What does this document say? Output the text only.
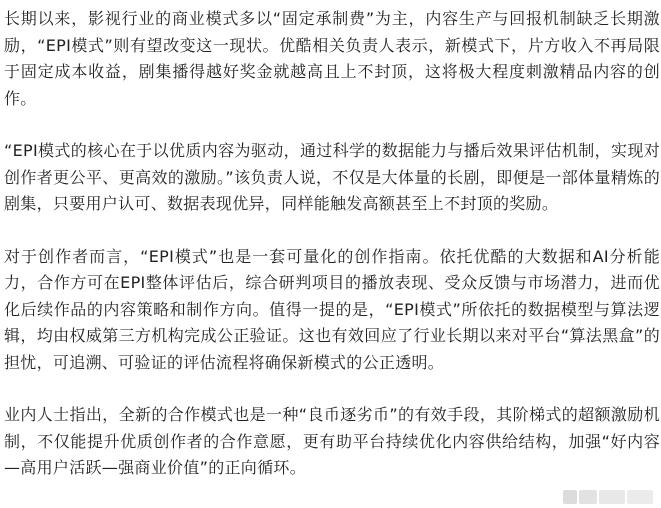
长期以来，影视行业的商业模式多以“固定承制费”为主，内容生产与回报机制缺乏长期激励，“EPI模式”则有望改变这一现状。优酷相关负责人表示，新模式下，片方收入不再局限于固定成本收益，剧集播得越好奖金就越高且上不封顶，这将极大程度刺激精品内容的创作。

“EPI模式的核心在于以优质内容为驱动，通过科学的数据能力与播后效果评估机制，实现对创作者更公平、更高效的激励。”该负责人说，不仅是大体量的长剧，即便是一部体量精炼的剧集，只要用户认可、数据表现优异，同样能触发高额甚至上不封顶的奖励。

对于创作者而言，“EPI模式”也是一套可量化的创作指南。依托优酷的大数据和AI分析能力，合作方可在EPI整体评估后，综合研判项目的播放表现、受众反馈与市场潜力，进而优化后续作品的内容策略和制作方向。值得一提的是，“EPI模式”所依托的数据模型与算法逻辑，均由权威第三方机构完成公正验证。这也有效回应了行业长期以来对平台“算法黑盒”的担忧，可追溯、可验证的评估流程将确保新模式的公正透明。

业内人士指出，全新的合作模式也是一种“良币逐劣币”的有效手段，其阶梯式的超额激励机制，不仅能提升优质创作者的合作意愿，更有助平台持续优化内容供给结构，加强“好内容—高用户活跃—强商业价值”的正向循环。
